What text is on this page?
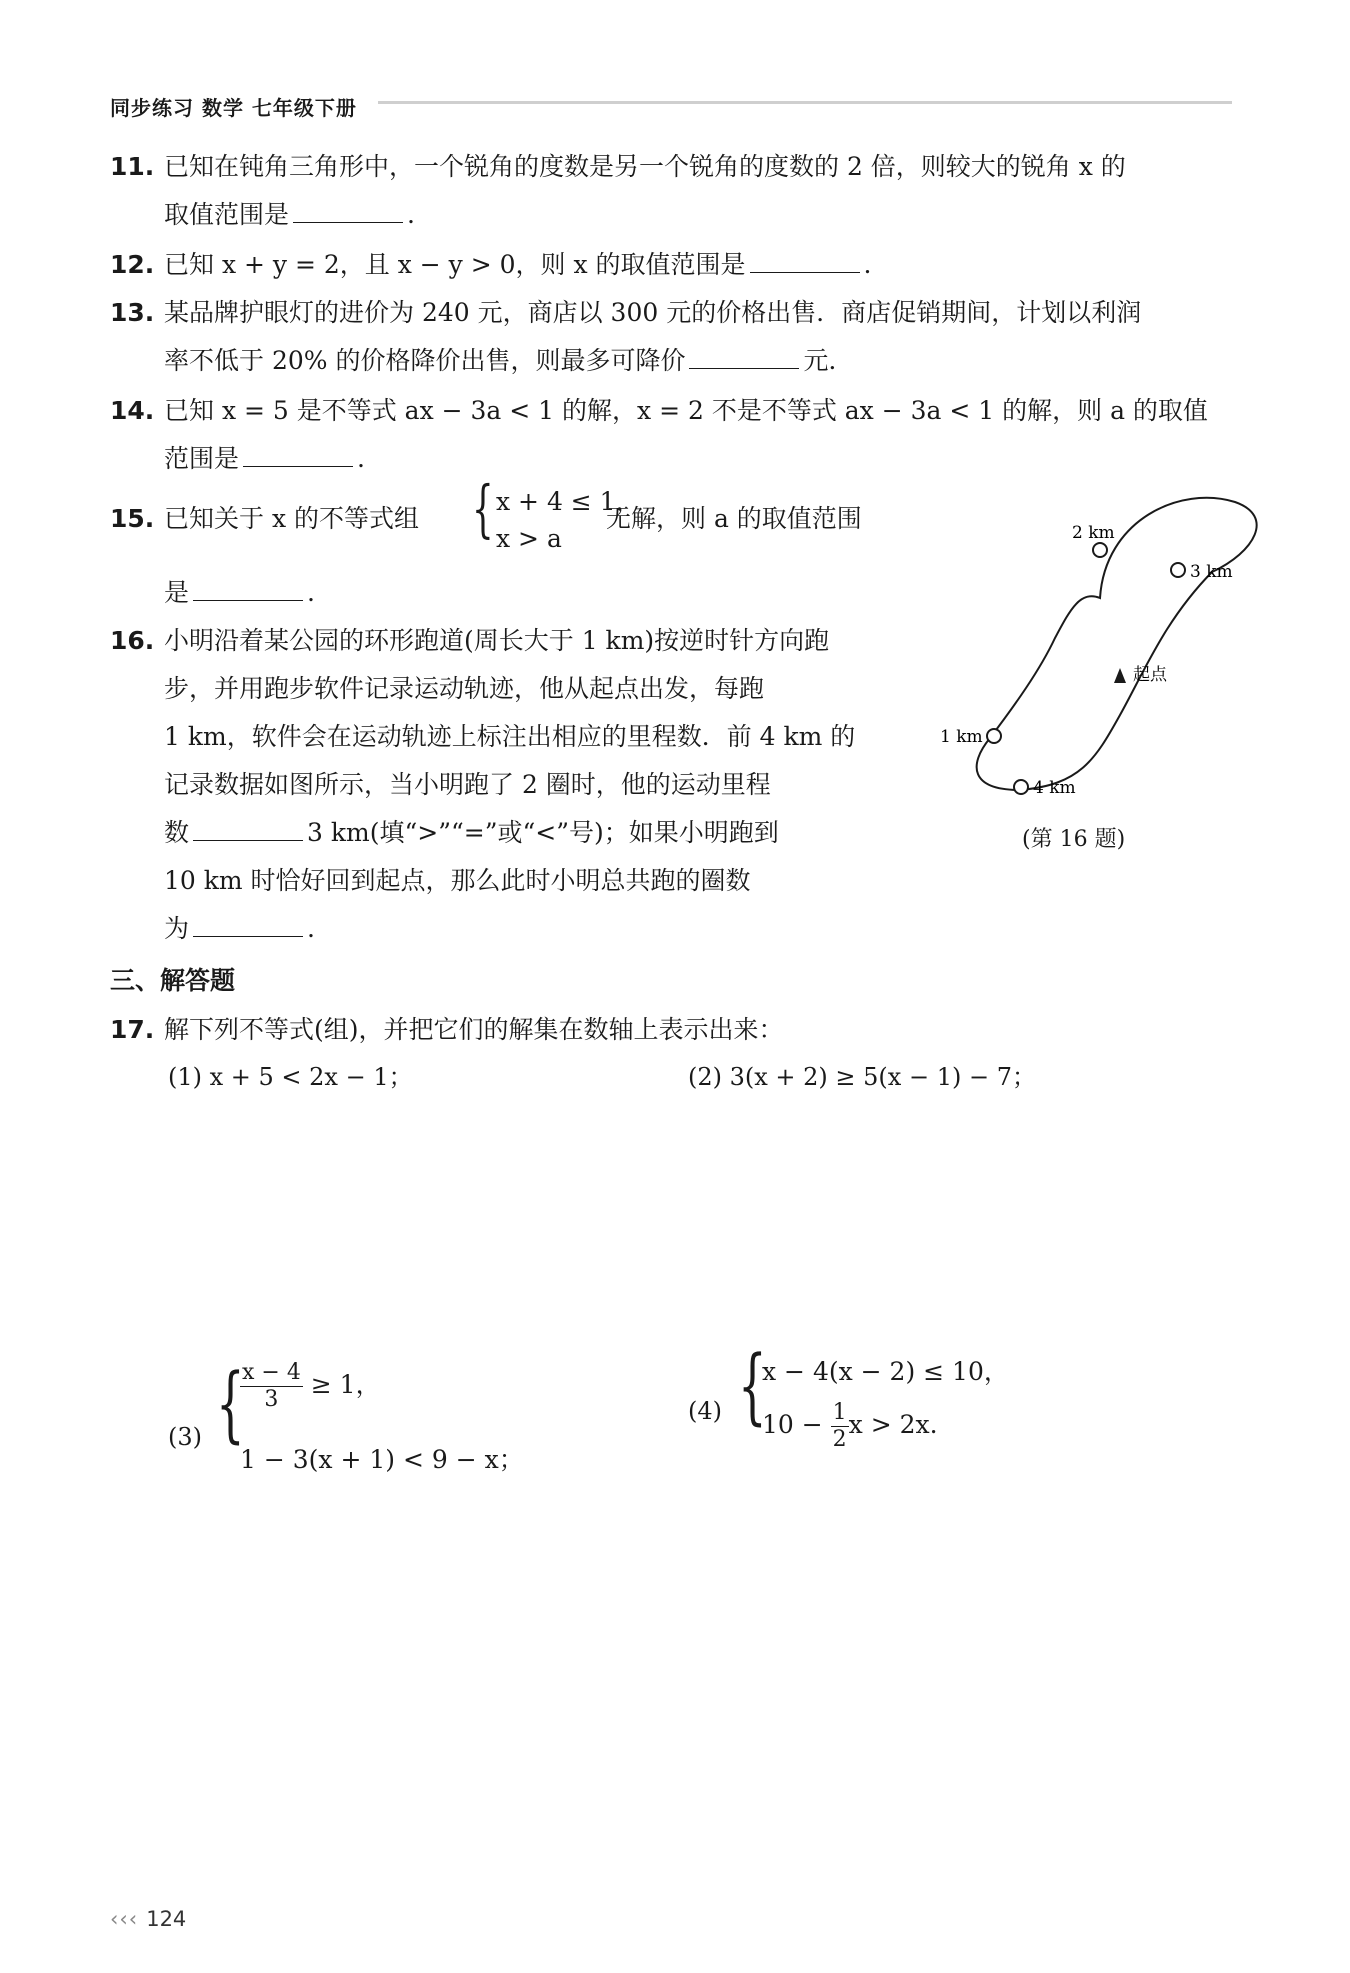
同步练习 数学 七年级下册
11. 已知在钝角三角形中，一个锐角的度数是另一个锐角的度数的 2 倍，则较大的锐角 x 的
取值范围是	.
12. 已知 x + y = 2，且 x − y > 0，则 x 的取值范围是	.
13. 某品牌护眼灯的进价为 240 元，商店以 300 元的价格出售．商店促销期间，计划以利润
率不低于 20% 的价格降价出售，则最多可降价	元．
14. 已知 x = 5 是不等式 ax − 3a < 1 的解，x = 2 不是不等式 ax − 3a < 1 的解，则 a 的取值
范围是	.
15. 已知关于 x 的不等式组 { x + 4 ≤ 1，
x > a
无解，则 a 的取值范围
是	.
16. 小明沿着某公园的环形跑道(周长大于 1 km)按逆时针方向跑
步，并用跑步软件记录运动轨迹，他从起点出发，每跑
1 km，软件会在运动轨迹上标注出相应的里程数．前 4 km 的
记录数据如图所示，当小明跑了 2 圈时，他的运动里程
数	3 km(填“>”“=”或“<”号)；如果小明跑到
10 km 时恰好回到起点，那么此时小明总共跑的圈数
为	.
2 km
3 km
1 km
4 km
起点
(第 16 题)
三、解答题
17. 解下列不等式(组)，并把它们的解集在数轴上表示出来：
(1) x + 5 < 2x − 1；	(2) 3(x + 2) ≥ 5(x − 1) − 7；
(3) {
$\frac{x - 4}{3} \ge 1$，
1 − 3(x + 1) < 9 − x；
(4) {
x − 4(x − 2) ≤ 10，
$10 - \frac{1}{2}$ x > 2x.
‹‹‹ 124
